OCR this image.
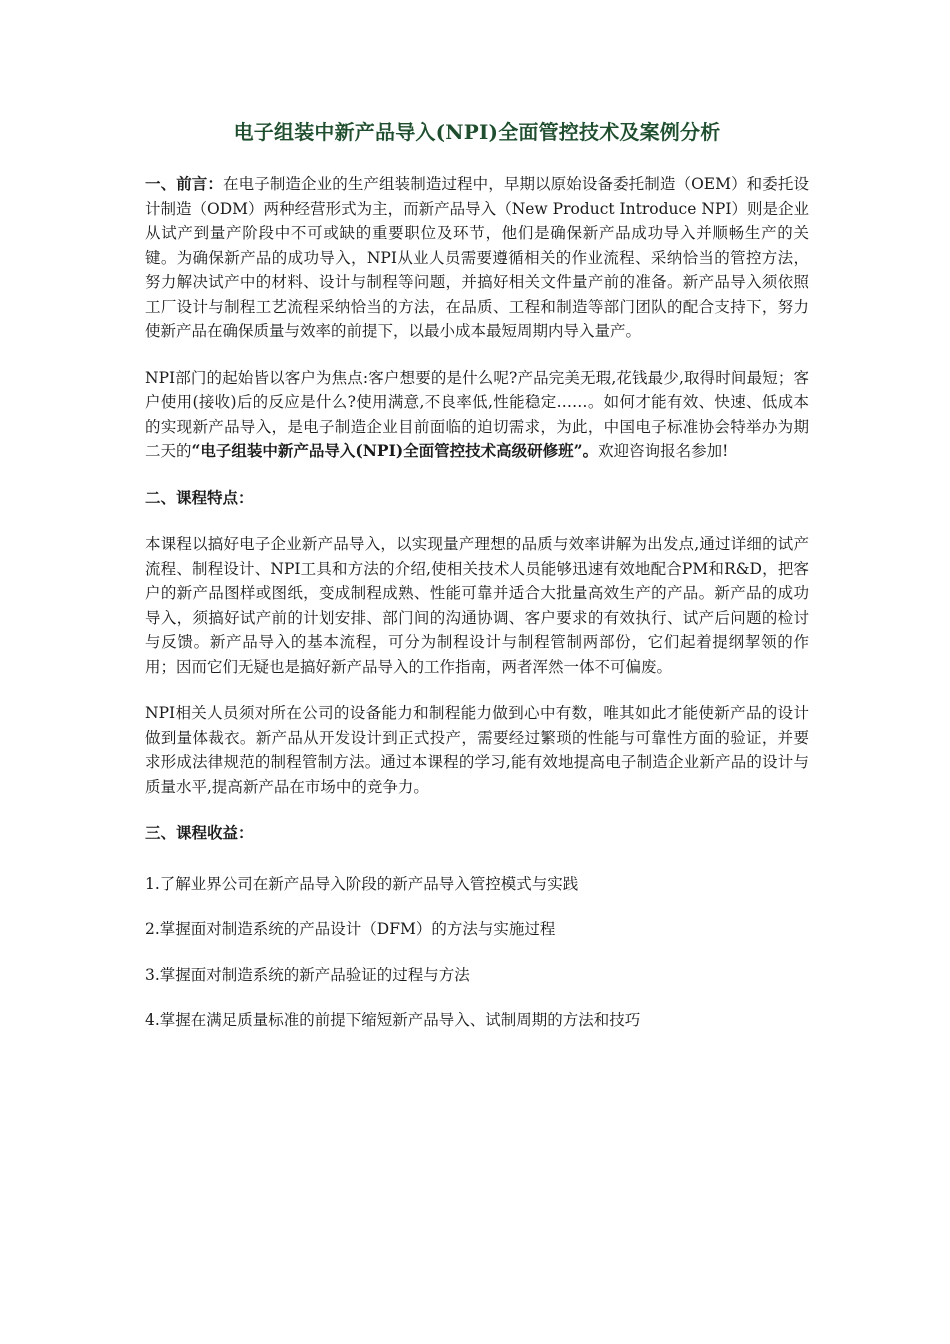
电子组装中新产品导入(NPI)全面管控技术及案例分析

一、前言：在电子制造企业的生产组装制造过程中，早期以原始设备委托制造（OEM）和委托设计制造（ODM）两种经营形式为主，而新产品导入（New Product Introduce NPI）则是企业从试产到量产阶段中不可或缺的重要职位及环节，他们是确保新产品成功导入并顺畅生产的关键。为确保新产品的成功导入，NPI从业人员需要遵循相关的作业流程、采纳恰当的管控方法，努力解决试产中的材料、设计与制程等问题，并搞好相关文件量产前的准备。新产品导入须依照工厂设计与制程工艺流程采纳恰当的方法，在品质、工程和制造等部门团队的配合支持下，努力使新产品在确保质量与效率的前提下，以最小成本最短周期内导入量产。

NPI部门的起始皆以客户为焦点:客户想要的是什么呢?产品完美无瑕,花钱最少,取得时间最短；客户使用(接收)后的反应是什么?使用满意,不良率低,性能稳定……。如何才能有效、快速、低成本的实现新产品导入，是电子制造企业目前面临的迫切需求，为此，中国电子标准协会特举办为期二天的“电子组装中新产品导入(NPI)全面管控技术高级研修班”。欢迎咨询报名参加!

二、课程特点：

本课程以搞好电子企业新产品导入，以实现量产理想的品质与效率讲解为出发点,通过详细的试产流程、制程设计、NPI工具和方法的介绍,使相关技术人员能够迅速有效地配合PM和R&D，把客户的新产品图样或图纸，变成制程成熟、性能可靠并适合大批量高效生产的产品。新产品的成功导入，须搞好试产前的计划安排、部门间的沟通协调、客户要求的有效执行、试产后问题的检讨与反馈。新产品导入的基本流程，可分为制程设计与制程管制两部份，它们起着提纲挈领的作用；因而它们无疑也是搞好新产品导入的工作指南，两者浑然一体不可偏废。

NPI相关人员须对所在公司的设备能力和制程能力做到心中有数，唯其如此才能使新产品的设计做到量体裁衣。新产品从开发设计到正式投产，需要经过繁琐的性能与可靠性方面的验证，并要求形成法律规范的制程管制方法。通过本课程的学习,能有效地提高电子制造企业新产品的设计与质量水平,提高新产品在市场中的竞争力。

三、课程收益：

1.了解业界公司在新产品导入阶段的新产品导入管控模式与实践

2.掌握面对制造系统的产品设计（DFM）的方法与实施过程

3.掌握面对制造系统的新产品验证的过程与方法

4.掌握在满足质量标准的前提下缩短新产品导入、试制周期的方法和技巧
